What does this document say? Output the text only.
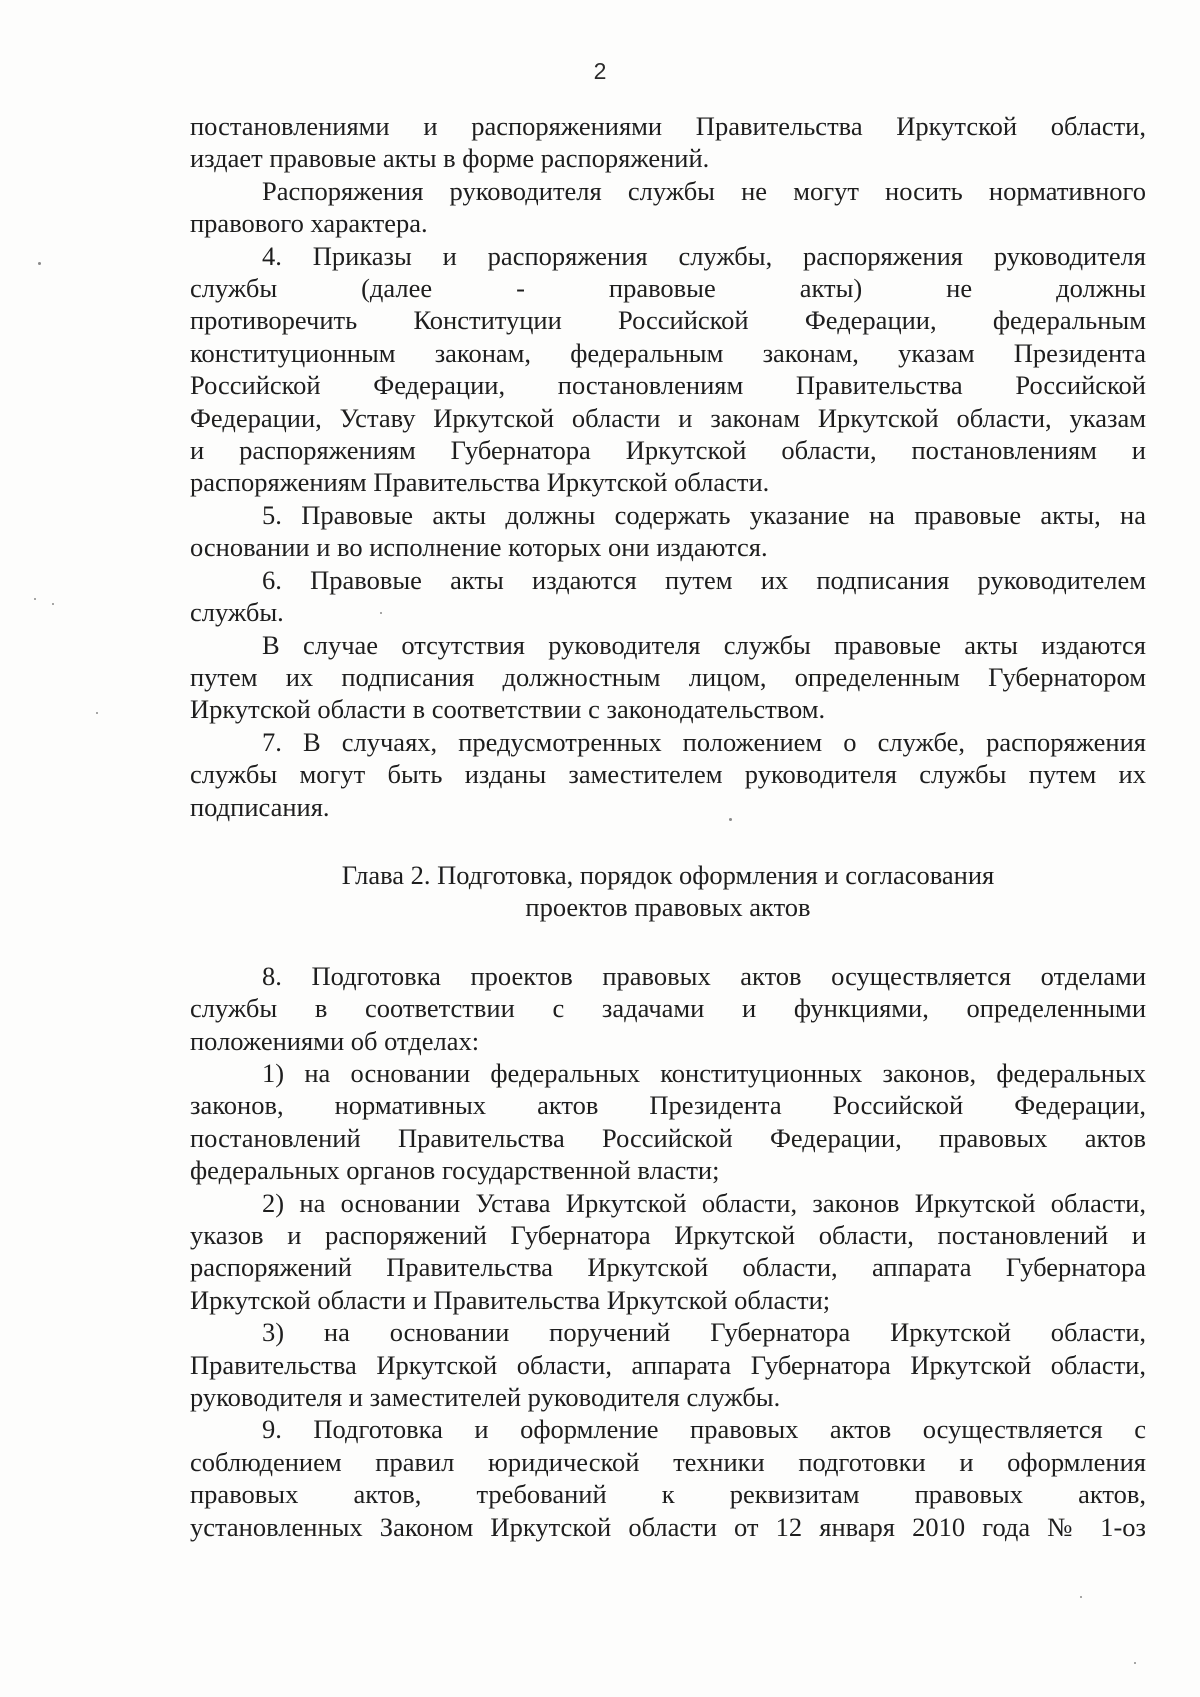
2

постановлениями и распоряжениями Правительства Иркутской области,

издает правовые акты в форме распоряжений.

Распоряжения руководителя службы не могут носить нормативного

правового характера.

4. Приказы и распоряжения службы, распоряжения руководителя

службы (далее - правовые акты) не должны

противоречить Конституции Российской Федерации, федеральным

конституционным законам, федеральным законам, указам Президента

Российской Федерации, постановлениям Правительства Российской

Федерации, Уставу Иркутской области и законам Иркутской области, указам

и распоряжениям Губернатора Иркутской области, постановлениям и

распоряжениям Правительства Иркутской области.

5. Правовые акты должны содержать указание на правовые акты, на

основании и во исполнение которых они издаются.

6. Правовые акты издаются путем их подписания руководителем

службы.

В случае отсутствия руководителя службы правовые акты издаются

путем их подписания должностным лицом, определенным Губернатором

Иркутской области в соответствии с законодательством.

7. В случаях, предусмотренных положением о службе, распоряжения

службы могут быть изданы заместителем руководителя службы путем их

подписания.

Глава 2. Подготовка, порядок оформления и согласования
проектов правовых актов

8. Подготовка проектов правовых актов осуществляется отделами

службы в соответствии с задачами и функциями, определенными

положениями об отделах:

1) на основании федеральных конституционных законов, федеральных

законов, нормативных актов Президента Российской Федерации,

постановлений Правительства Российской Федерации, правовых актов

федеральных органов государственной власти;

2) на основании Устава Иркутской области, законов Иркутской области,

указов и распоряжений Губернатора Иркутской области, постановлений и

распоряжений Правительства Иркутской области, аппарата Губернатора

Иркутской области и Правительства Иркутской области;

3) на основании поручений Губернатора Иркутской области,

Правительства Иркутской области, аппарата Губернатора Иркутской области,

руководителя и заместителей руководителя службы.

9. Подготовка и оформление правовых актов осуществляется с

соблюдением правил юридической техники подготовки и оформления

правовых актов, требований к реквизитам правовых актов,

установленных Законом Иркутской области от 12 января 2010 года № 1-оз
